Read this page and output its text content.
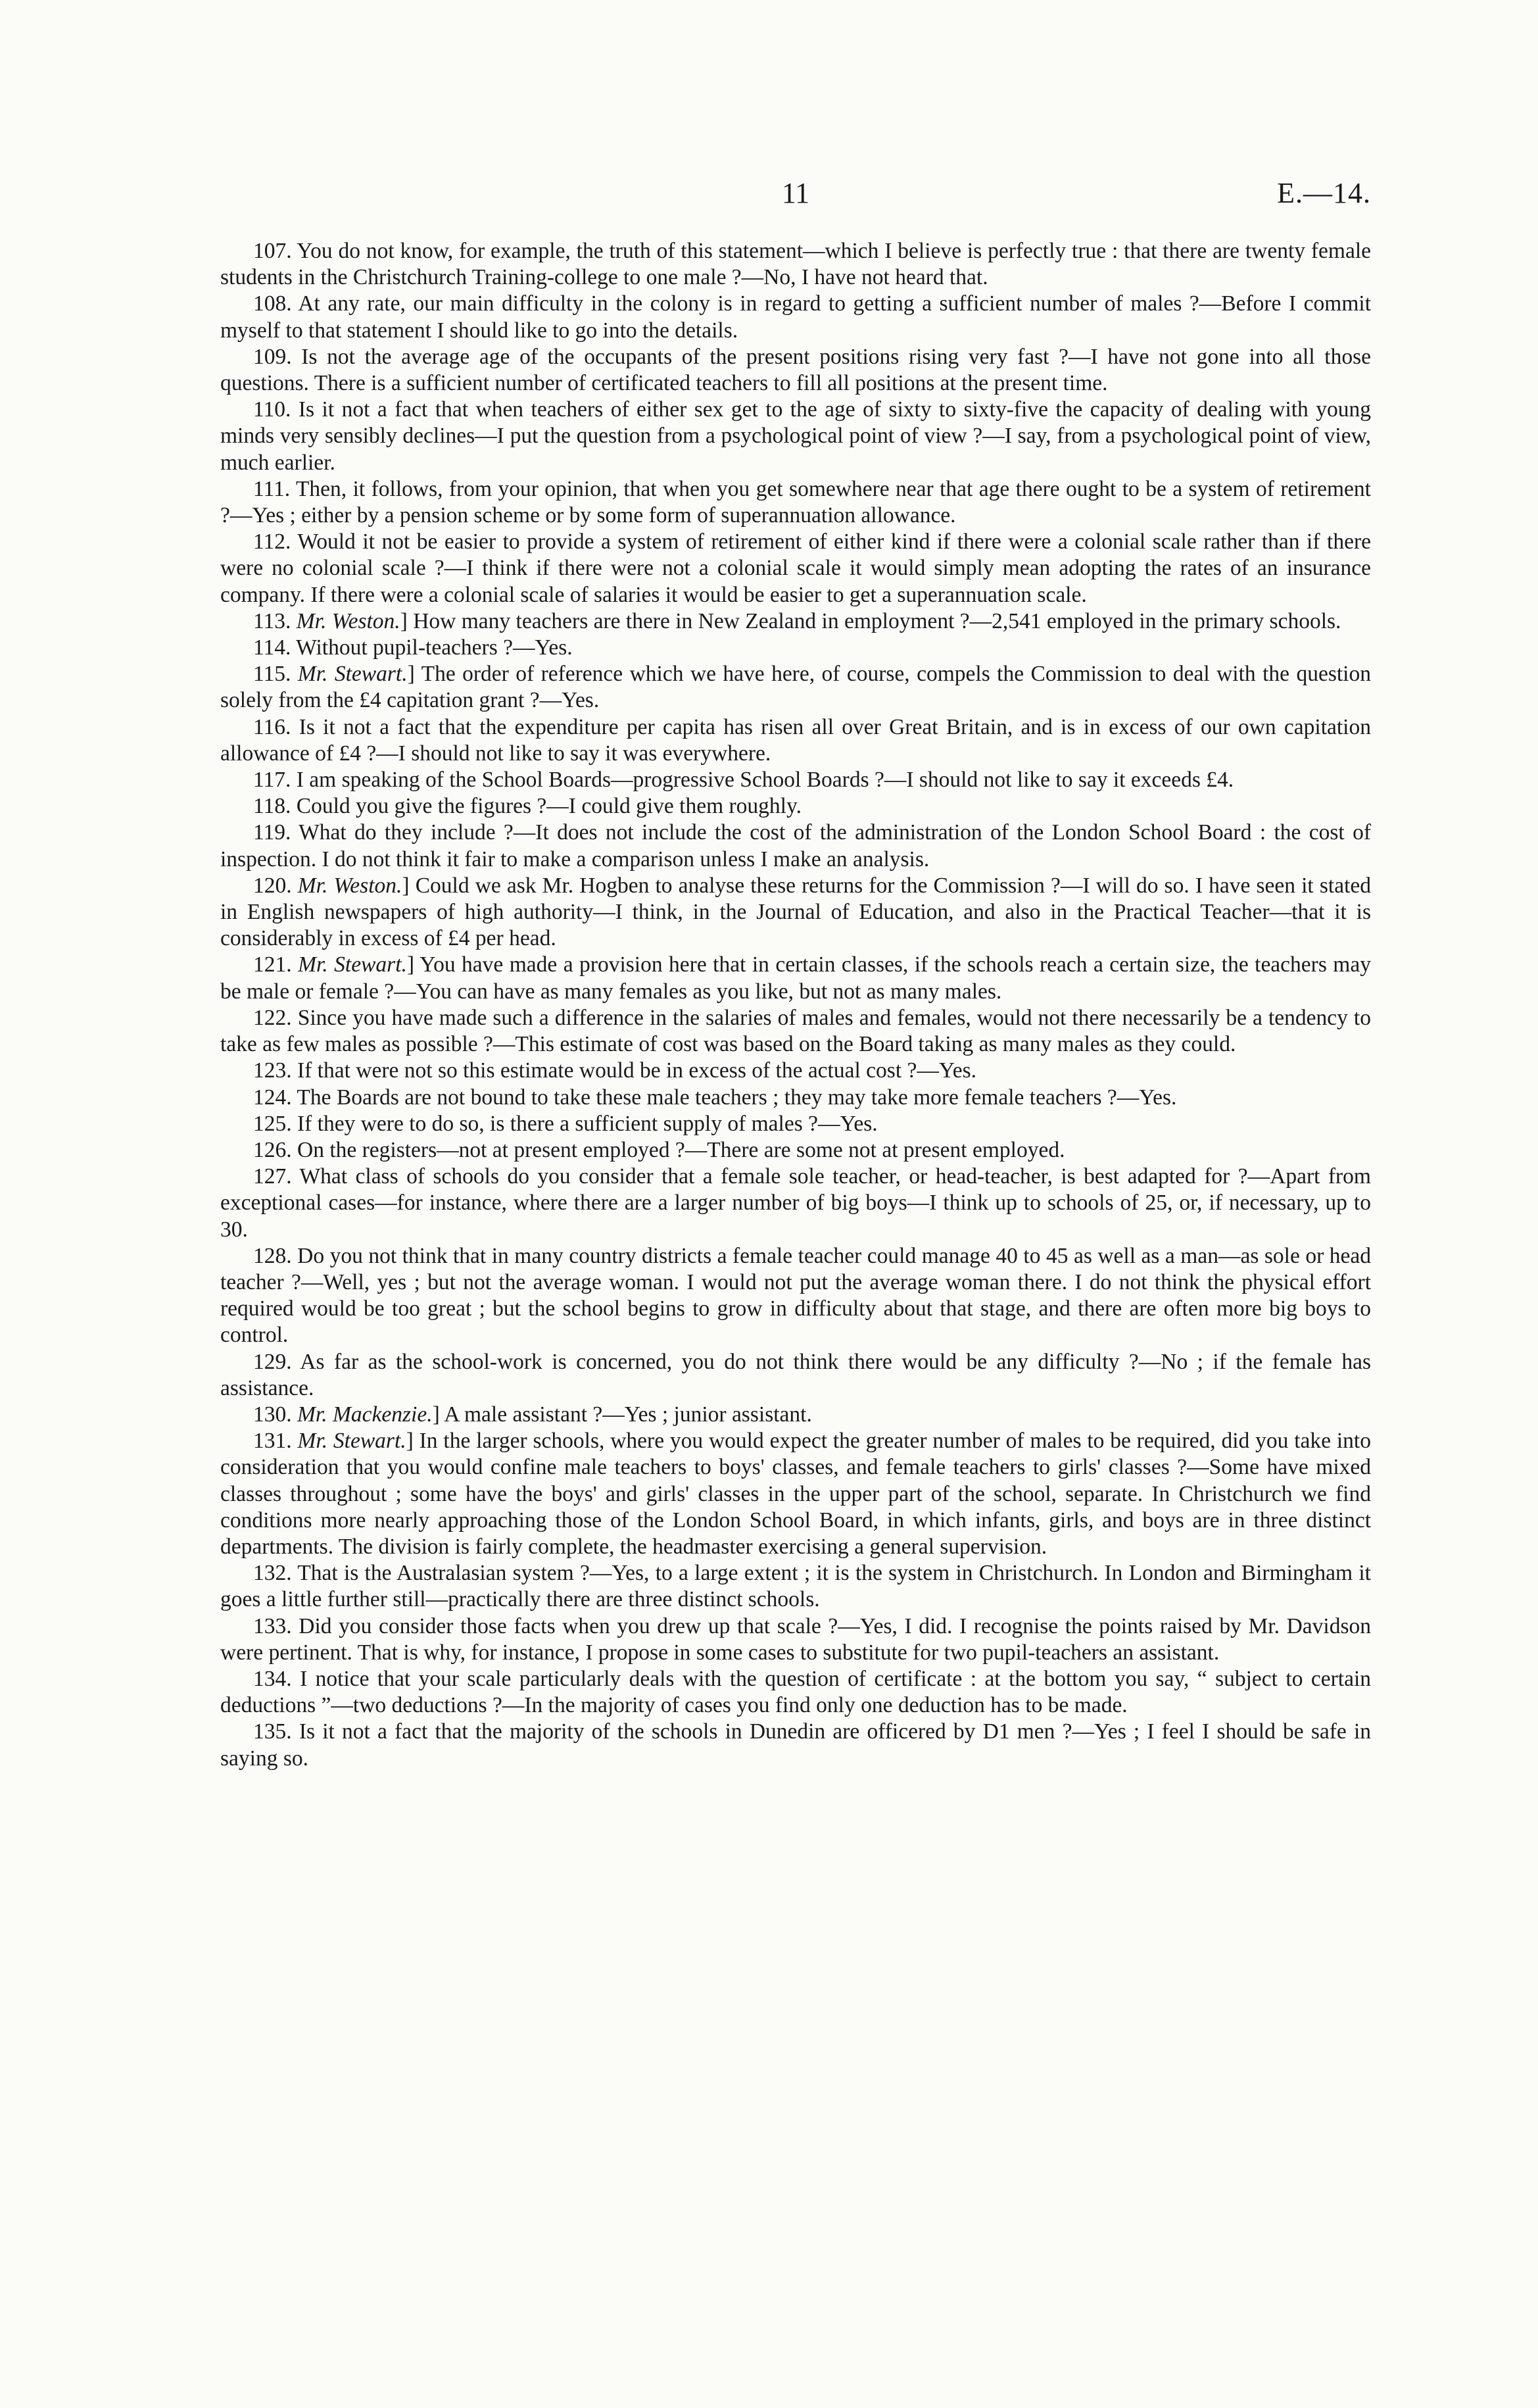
11	E.—14.

107. You do not know, for example, the truth of this statement—which I believe is perfectly true : that there are twenty female students in the Christchurch Training-college to one male ?—No, I have not heard that.

108. At any rate, our main difficulty in the colony is in regard to getting a sufficient number of males ?—Before I commit myself to that statement I should like to go into the details.

109. Is not the average age of the occupants of the present positions rising very fast ?—I have not gone into all those questions. There is a sufficient number of certificated teachers to fill all positions at the present time.

110. Is it not a fact that when teachers of either sex get to the age of sixty to sixty-five the capacity of dealing with young minds very sensibly declines—I put the question from a psychological point of view ?—I say, from a psychological point of view, much earlier.

111. Then, it follows, from your opinion, that when you get somewhere near that age there ought to be a system of retirement ?—Yes ; either by a pension scheme or by some form of superannuation allowance.

112. Would it not be easier to provide a system of retirement of either kind if there were a colonial scale rather than if there were no colonial scale ?—I think if there were not a colonial scale it would simply mean adopting the rates of an insurance company. If there were a colonial scale of salaries it would be easier to get a superannuation scale.

113. Mr. Weston.] How many teachers are there in New Zealand in employment ?—2,541 employed in the primary schools.

114. Without pupil-teachers ?—Yes.

115. Mr. Stewart.] The order of reference which we have here, of course, compels the Commission to deal with the question solely from the £4 capitation grant ?—Yes.

116. Is it not a fact that the expenditure per capita has risen all over Great Britain, and is in excess of our own capitation allowance of £4 ?—I should not like to say it was everywhere.

117. I am speaking of the School Boards—progressive School Boards ?—I should not like to say it exceeds £4.

118. Could you give the figures ?—I could give them roughly.

119. What do they include ?—It does not include the cost of the administration of the London School Board : the cost of inspection. I do not think it fair to make a comparison unless I make an analysis.

120. Mr. Weston.] Could we ask Mr. Hogben to analyse these returns for the Commission ?—I will do so. I have seen it stated in English newspapers of high authority—I think, in the Journal of Education, and also in the Practical Teacher—that it is considerably in excess of £4 per head.

121. Mr. Stewart.] You have made a provision here that in certain classes, if the schools reach a certain size, the teachers may be male or female ?—You can have as many females as you like, but not as many males.

122. Since you have made such a difference in the salaries of males and females, would not there necessarily be a tendency to take as few males as possible ?—This estimate of cost was based on the Board taking as many males as they could.

123. If that were not so this estimate would be in excess of the actual cost ?—Yes.

124. The Boards are not bound to take these male teachers ; they may take more female teachers ?—Yes.

125. If they were to do so, is there a sufficient supply of males ?—Yes.

126. On the registers—not at present employed ?—There are some not at present employed.

127. What class of schools do you consider that a female sole teacher, or head-teacher, is best adapted for ?—Apart from exceptional cases—for instance, where there are a larger number of big boys—I think up to schools of 25, or, if necessary, up to 30.

128. Do you not think that in many country districts a female teacher could manage 40 to 45 as well as a man—as sole or head teacher ?—Well, yes ; but not the average woman. I would not put the average woman there. I do not think the physical effort required would be too great ; but the school begins to grow in difficulty about that stage, and there are often more big boys to control.

129. As far as the school-work is concerned, you do not think there would be any difficulty ?—No ; if the female has assistance.

130. Mr. Mackenzie.] A male assistant ?—Yes ; junior assistant.

131. Mr. Stewart.] In the larger schools, where you would expect the greater number of males to be required, did you take into consideration that you would confine male teachers to boys' classes, and female teachers to girls' classes ?—Some have mixed classes throughout ; some have the boys' and girls' classes in the upper part of the school, separate. In Christchurch we find conditions more nearly approaching those of the London School Board, in which infants, girls, and boys are in three distinct departments. The division is fairly complete, the headmaster exercising a general supervision.

132. That is the Australasian system ?—Yes, to a large extent ; it is the system in Christchurch. In London and Birmingham it goes a little further still—practically there are three distinct schools.

133. Did you consider those facts when you drew up that scale ?—Yes, I did. I recognise the points raised by Mr. Davidson were pertinent. That is why, for instance, I propose in some cases to substitute for two pupil-teachers an assistant.

134. I notice that your scale particularly deals with the question of certificate : at the bottom you say, “ subject to certain deductions ”—two deductions ?—In the majority of cases you find only one deduction has to be made.

135. Is it not a fact that the majority of the schools in Dunedin are officered by D1 men ?—Yes ; I feel I should be safe in saying so.
